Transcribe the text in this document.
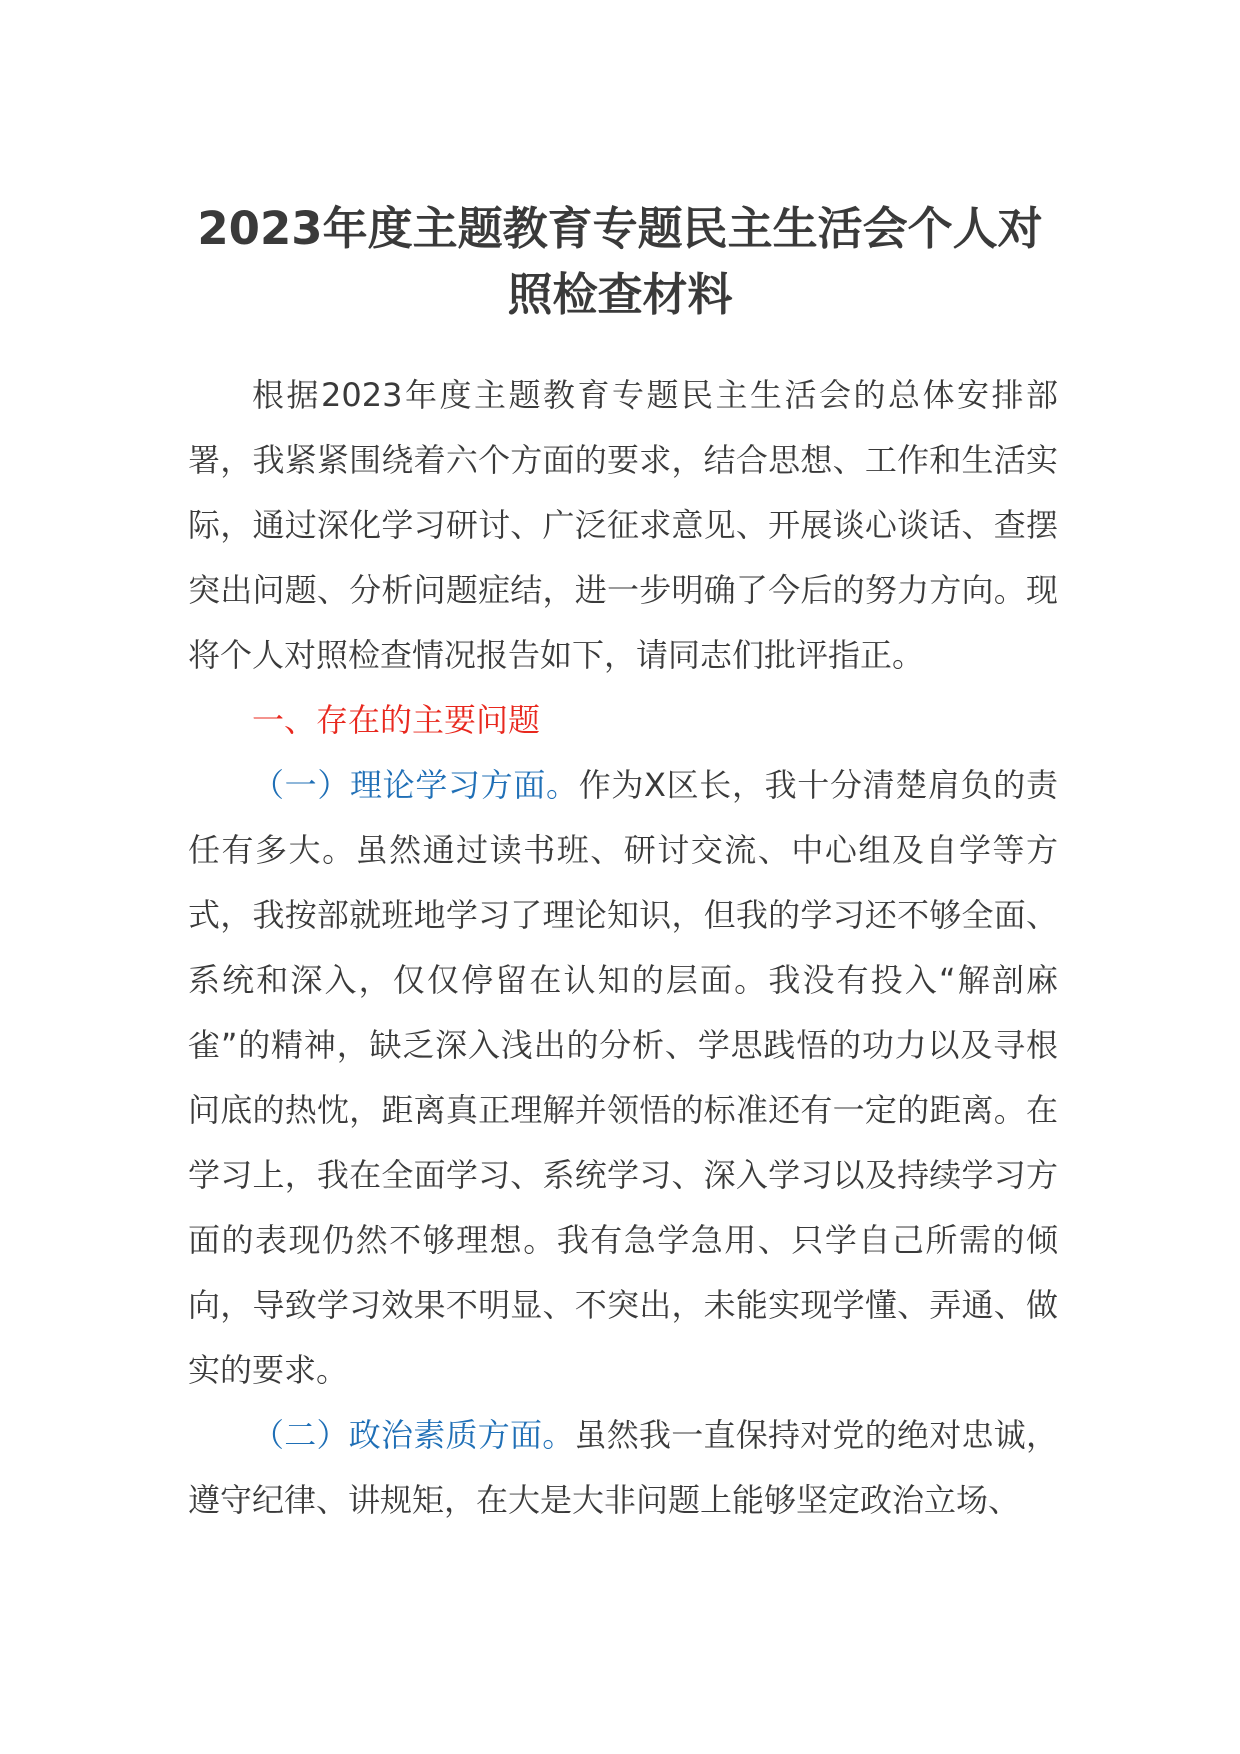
2023年度主题教育专题民主生活会个人对照检查材料

根据2023年度主题教育专题民主生活会的总体安排部署，我紧紧围绕着六个方面的要求，结合思想、工作和生活实际，通过深化学习研讨、广泛征求意见、开展谈心谈话、查摆突出问题、分析问题症结，进一步明确了今后的努力方向。现将个人对照检查情况报告如下，请同志们批评指正。

一、存在的主要问题

（一）理论学习方面。作为X区长，我十分清楚肩负的责任有多大。虽然通过读书班、研讨交流、中心组及自学等方式，我按部就班地学习了理论知识，但我的学习还不够全面、系统和深入，仅仅停留在认知的层面。我没有投入“解剖麻雀”的精神，缺乏深入浅出的分析、学思践悟的功力以及寻根问底的热忱，距离真正理解并领悟的标准还有一定的距离。在学习上，我在全面学习、系统学习、深入学习以及持续学习方面的表现仍然不够理想。我有急学急用、只学自己所需的倾向，导致学习效果不明显、不突出，未能实现学懂、弄通、做实的要求。

（二）政治素质方面。虽然我一直保持对党的绝对忠诚，遵守纪律、讲规矩，在大是大非问题上能够坚定政治立场、
